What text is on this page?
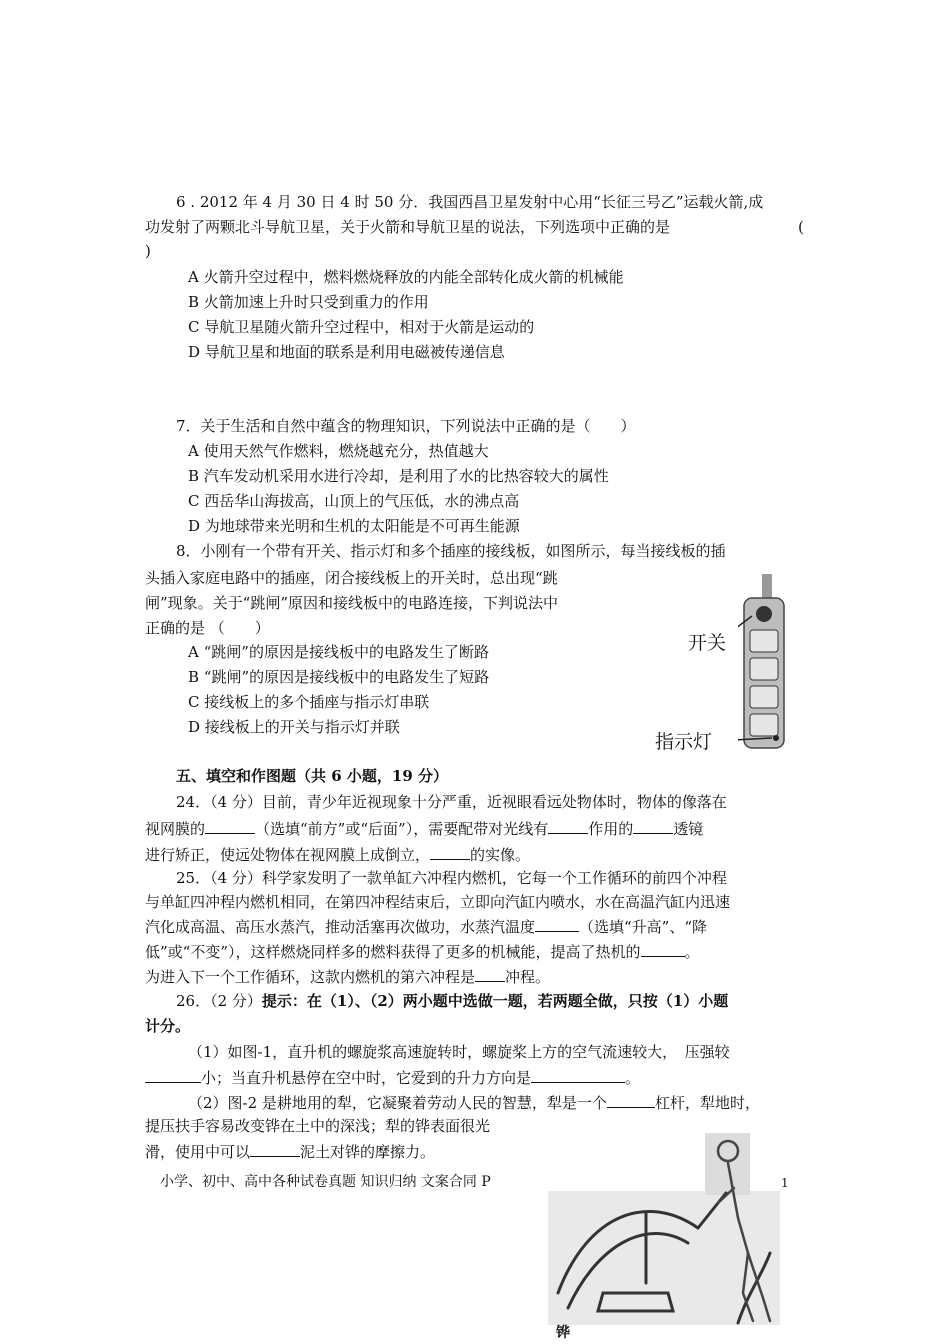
6 . 2012 年 4 月 30 日 4 时 50 分．我国西昌卫星发射中心用“长征三号乙”运载火箭,成
功发射了两颗北斗导航卫星，关于火箭和导航卫星的说法，下列选项中正确的是	(
)
A 火箭升空过程中，燃料燃烧释放的内能全部转化成火箭的机械能
B 火箭加速上升时只受到重力的作用
C 导航卫星随火箭升空过程中，相对于火箭是运动的
D 导航卫星和地面的联系是利用电磁被传递信息
7．关于生活和自然中蕴含的物理知识，下列说法中正确的是（　　）
A 使用天然气作燃料，燃烧越充分，热值越大
B 汽车发动机采用水进行冷却，是利用了水的比热容较大的属性
C 西岳华山海拔高，山顶上的气压低，水的沸点高
D 为地球带来光明和生机的太阳能是不可再生能源
8．小刚有一个带有开关、指示灯和多个插座的接线板，如图所示，每当接线板的插
头插入家庭电路中的插座，闭合接线板上的开关时，总出现“跳
闸”现象。关于“跳闸”原因和接线板中的电路连接，下判说法中
正确的是 （　　）
A “跳闸”的原因是接线板中的电路发生了断路
B “跳闸”的原因是接线板中的电路发生了短路
C 接线板上的多个插座与指示灯串联
D 接线板上的开关与指示灯并联
开关
指示灯
五、填空和作图题（共 6 小题，19 分）
24．（4 分）目前，青少年近视现象十分严重，近视眼看远处物体时，物体的像落在
视网膜的	（选填“前方”或“后面”），需要配带对光线有	作用的	透镜
进行矫正，使远处物体在视网膜上成倒立，	的实像。
25．（4 分）科学家发明了一款单缸六冲程内燃机，它每一个工作循环的前四个冲程
与单缸四冲程内燃机相同，在第四冲程结束后，立即向汽缸内喷水，水在高温汽缸内迅速
汽化成高温、高压水蒸汽，推动活塞再次做功，水蒸汽温度	（选填“升高”、“降
低”或“不变”），这样燃烧同样多的燃料获得了更多的机械能，提高了热机的	。
为进入下一个工作循环，这款内燃机的第六冲程是 冲程。
26．（2 分）提示：在（1）、（2）两小题中选做一题，若两题全做，只按（1）小题
计分。
（1）如图-1，直升机的螺旋浆高速旋转时，螺旋桨上方的空气流速较大，　压强较
小；当直升机悬停在空中时，它爱到的升力方向是	。
（2）图-2 是耕地用的犁，它凝聚着劳动人民的智慧，犁是一个	杠杆，犁地时，
提压扶手容易改变铧在土中的深浅；犁的铧表面很光
滑，使用中可以	泥土对铧的摩擦力。
小学、初中、高中各种试卷真题 知识归纳 文案合同 P	1
铧
